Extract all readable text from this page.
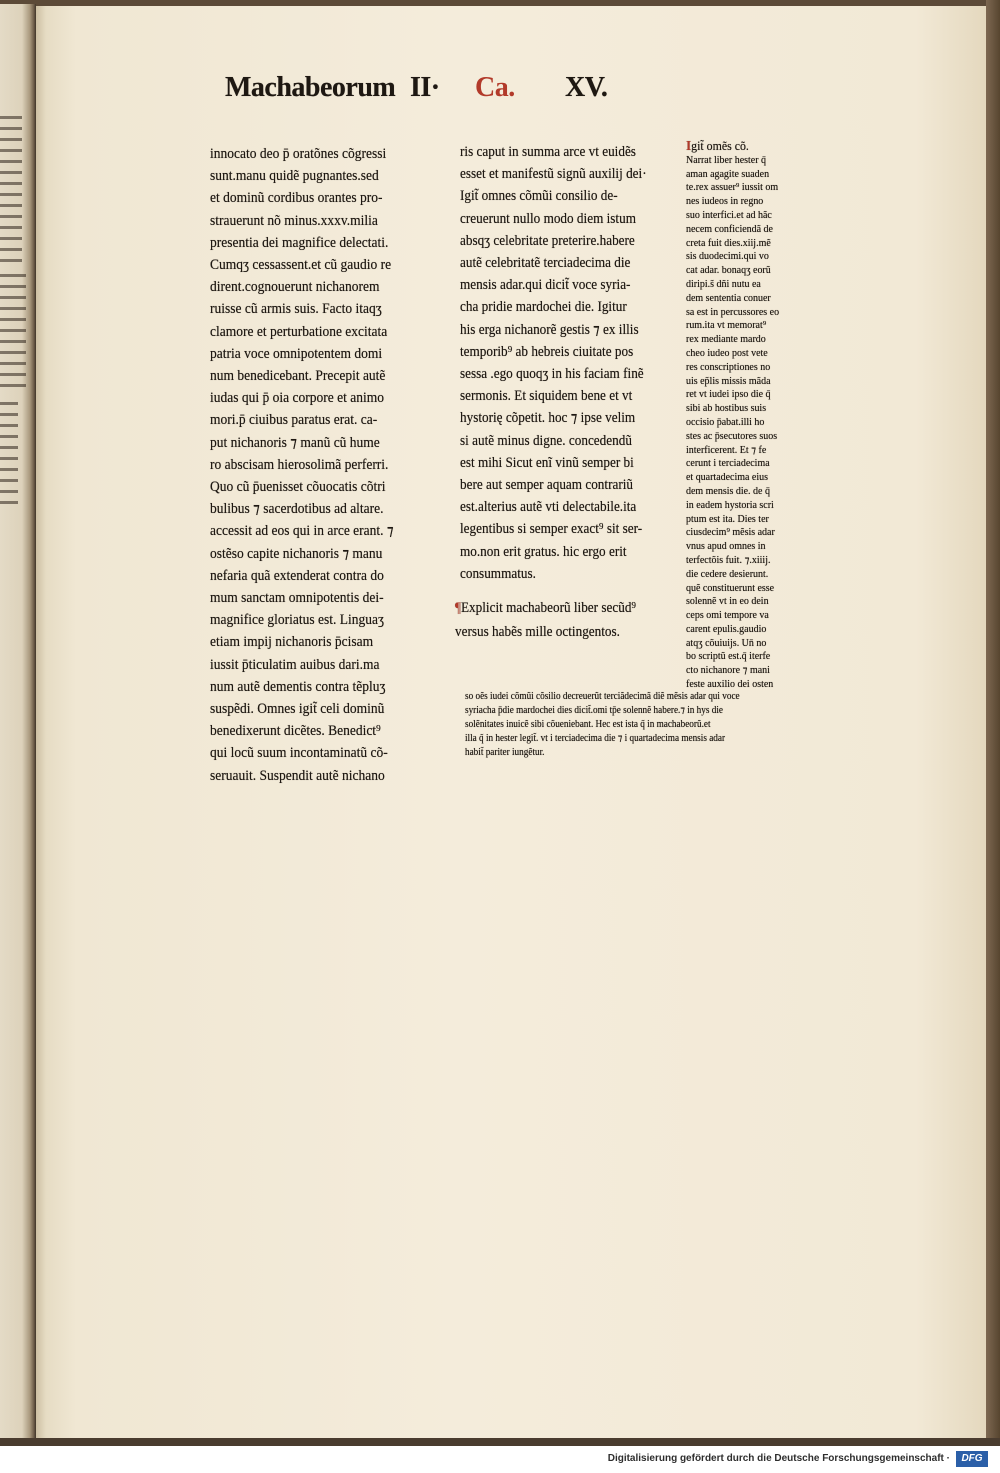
Machabeorum II· Ca. XV.
innocato deo p̄ oratõnes cõgressi
sunt.manu quidẽ pugnantes.sed
et dominũ cordibus orantes pro-
strauerunt nõ minus.xxxv.milia
presentia dei magnifice delectati.
Cumqʒ cessassent.et cũ gaudio re
dirent.cognouerunt nichanorem
ruisse cũ armis suis. Facto itaqʒ
clamore et perturbatione excitata
patria voce omnipotentem domi
num benedicebant. Precepit autẽ
iudas qui p̄ oia corpore et animo
mori.p̄ ciuibus paratus erat. ca-
put nichanoris ⁊ manũ cũ hume
ro abscisam hierosolimã perferri.
Quo cũ p̄uenisset cõuocatis cõtri
bulibus ⁊ sacerdotibus ad altare.
accessit ad eos qui in arce erant. ⁊
ostẽso capite nichanoris ⁊ manu
nefaria quã extenderat contra do
mum sanctam omnipotentis dei-
magnifice gloriatus est. Linguaʒ
etiam impij nichanoris p̄cisam
iussit p̄ticulatim auibus dari.ma
num autẽ dementis contra tẽpluʒ
suspẽdi. Omnes igit̃ celi dominũ
benedixerunt dicẽtes. Benedict⁹
qui locũ suum incontaminatũ cõ-
seruauit. Suspendit autẽ nichano
ris caput in summa arce vt euidẽs
esset et manifestũ signũ auxilij dei·
Igit̃ omnes cõmũi consilio de-
creuerunt nullo modo diem istum
absqʒ celebritate preterire.habere
autẽ celebritatẽ terciadecima die
mensis adar.qui dicit̃ voce syria-
cha pridie mardochei die. Igitur
his erga nichanorẽ gestis ⁊ ex illis
temporib⁹ ab hebreis ciuitate pos
sessa .ego quoqʒ in his faciam finẽ
sermonis. Et siquidem bene et vt
hystorię cõpetit. hoc ⁊ ipse velim
si autẽ minus digne. concedendũ
est mihi Sicut enĩ vinũ semper bi
bere aut semper aquam contrariũ
est.alterius autẽ vti delectabile.ita
legentibus si semper exact⁹ sit ser-
mo.non erit gratus. hic ergo erit
consummatus.
¶Explicit machabeorũ liber secũd⁹
versus habẽs mille octingentos.
Igit̃ omẽs cõ.
Narrat liber hester q̄
aman agagite suaden
te.rex assuer⁹ iussit om
nes iudeos in regno
suo interfici.et ad hãc
necem conficiendã de
creta fuit dies.xiij.mẽ
sis duodecimi.qui vo
cat adar. bonaqʒ eorũ
diripi.s̃ dñi nutu ea
dem sententia conuer
sa est in percussores eo
rum.ita vt memorat⁹
rex mediante mardo
cheo iudeo post vete
res conscriptiones no
uis ep̃lis missis mãda
ret vt iudei ipso die q̄
sibi ab hostibus suis
occisio p̄abat.illi ho
stes ac p̄secutores suos
interficerent. Et ⁊ fe
cerunt i terciadecima
et quartadecima eius
dem mensis die. de q̄
in eadem hystoria scri
ptum est ita. Dies ter
ciusdecim⁹ mẽsis adar
vnus apud omnes in
terfectõis fuit. ⁊.xiiij.
die cedere desierunt.
quẽ constituerunt esse
solennẽ vt in eo dein
ceps omi tempore va
carent epulis.gaudio
atqʒ cõuiuijs. Un̄ no
bo scriptũ est.q̄ iterfe
cto nichanore ⁊ mani
feste auxilio dei osten
so oẽs iudei cõmũi cõsilio decreuerũt terciãdecimã diẽ mẽsis adar qui voce
syriacha p̄die mardochei dies dicit̃.omi tp̄e solennẽ habere.⁊ in hys die
solẽnitates inuicẽ sibi cõueniebant. Hec est ista q̃ in machabeorũ.et
illa q̃ in hester legit̃. vt i terciadecima die ⁊ i quartadecima mensis adar
habit̃ pariter iungẽtur.
Digitalisierung gefördert durch die Deutsche Forschungsgemeinschaft ·	DFG
